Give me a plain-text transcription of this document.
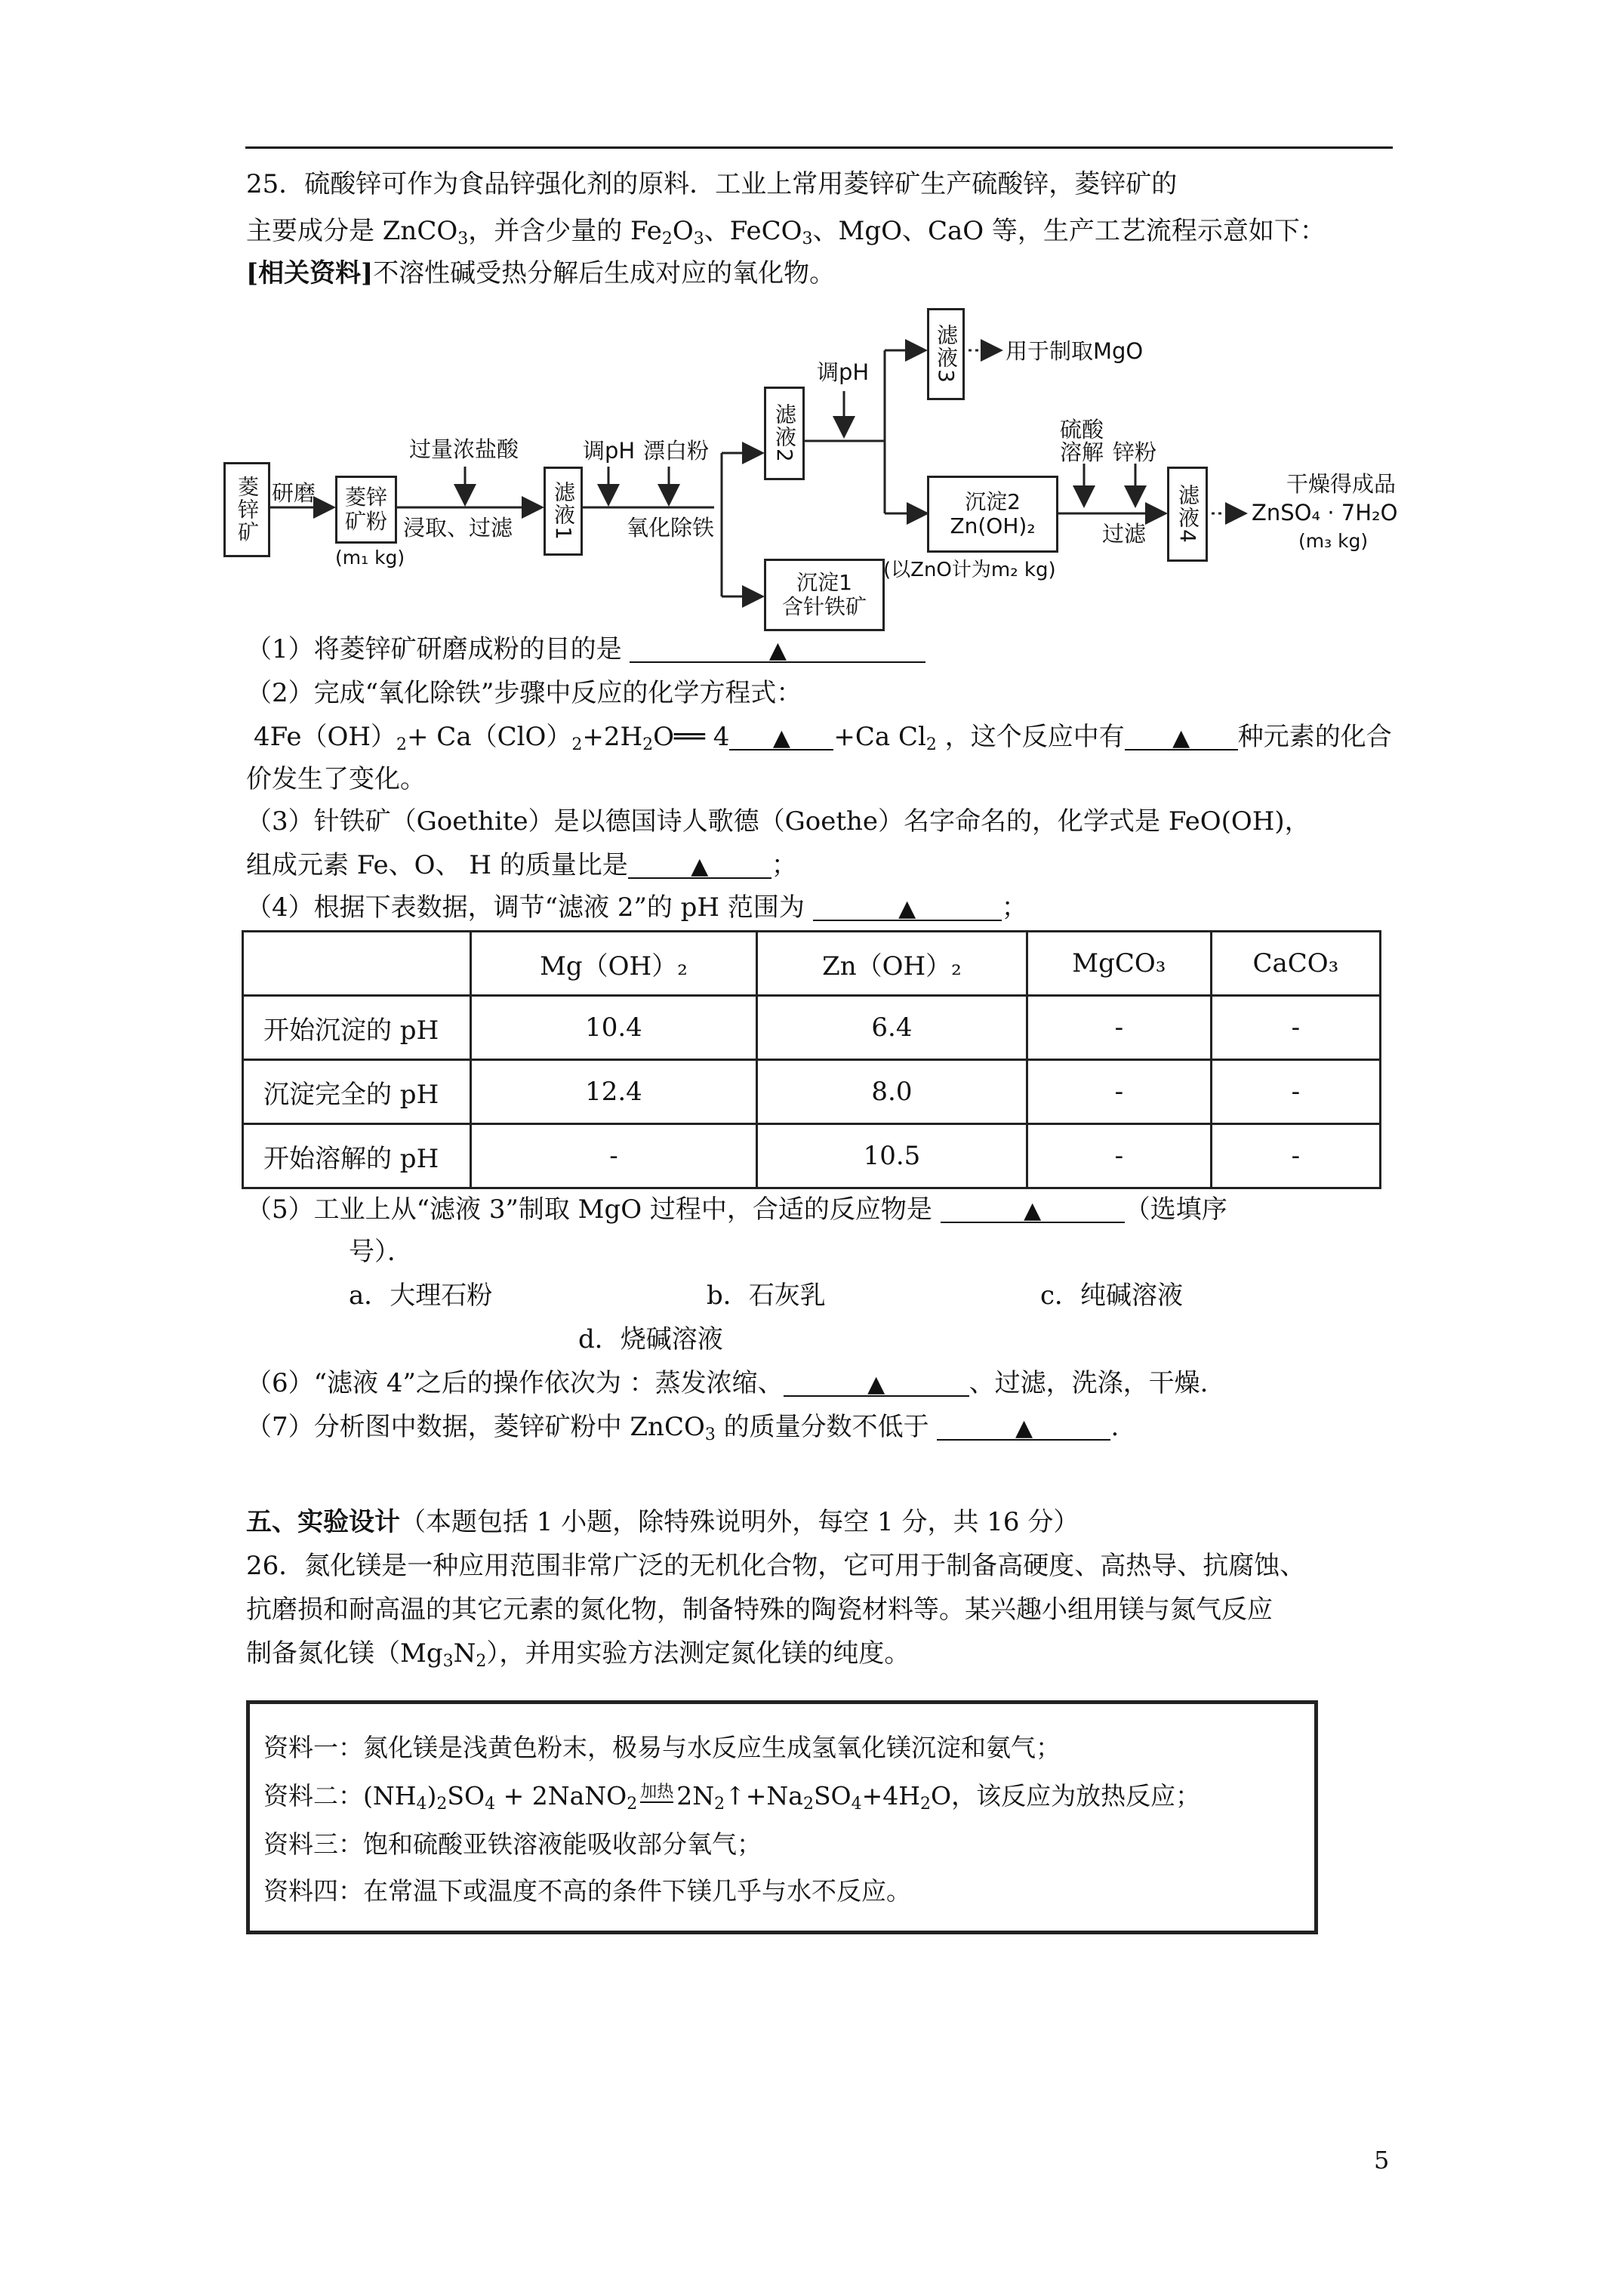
25．硫酸锌可作为食品锌强化剂的原料．工业上常用菱锌矿生产硫酸锌，菱锌矿的
主要成分是 ZnCO$_3$，并含少量的 $Fe_2O_3$、FeCO$_3$、MgO、CaO 等，生产工艺流程示意如下：
[相关资料]不溶性碱受热分解后生成对应的氧化物。
菱锌矿 研磨	菱锌矿粉
(m₁ kg)
过量浓盐酸
浸取、过滤 滤液1
调pH 漂白粉
氧化除铁
滤液2
调pH	滤液3 用于制取MgO
沉淀2
Zn(OH)₂
硫酸
溶解 锌粉
过滤 滤液4
干燥得成品
ZnSO₄ · 7H₂O
(m₃ kg)
沉淀1
含针铁矿
(以ZnO计为m₂ kg)
（1）将菱锌矿研磨成粉的目的是	▲
（2）完成“氧化除铁”步骤中反应的化学方程式：
$4Fe(OH)_2+$ $Ca(ClO)_2+2H_2O══$ 4 ▲ +Ca $Cl_2$ ，这个反应中有 ▲ 种元素的化合
价发生了变化。
（3）针铁矿（Goethite）是以德国诗人歌德（Goethe）名字命名的，化学式是 FeO(OH)，
组成元素 Fe、O、 H 的质量比是	▲ ；
（4）根据下表数据，调节“滤液 2”的 pH 范围为	▲	；
	Mg（OH）₂	Zn（OH）₂	MgCO₃	CaCO₃
开始沉淀的 pH	10.4	6.4	-	-
沉淀完全的 pH	12.4	8.0	-	-
开始溶解的 pH	-	10.5	-	-
（5）工业上从“滤液 3”制取 MgO 过程中，合适的反应物是	▲	（选填序
号）．
a．大理石粉	b．石灰乳	c．纯碱溶液
d．烧碱溶液
（6）“滤液 4”之后的操作依次为 ：蒸发浓缩、	▲	、过滤，洗涤，干燥.
（7）分析图中数据，菱锌矿粉中 ZnCO$_3$ 的质量分数不低于	▲	.
五、实验设计（本题包括 1 小题，除特殊说明外，每空 1 分，共 16 分）
26．氮化镁是一种应用范围非常广泛的无机化合物，它可用于制备高硬度、高热导、抗腐蚀、
抗磨损和耐高温的其它元素的氮化物，制备特殊的陶瓷材料等。某兴趣小组用镁与氮气反应
制备氮化镁$(Mg_3N_2)$，并用实验方法测定氮化镁的纯度。
资料一：氮化镁是浅黄色粉末，极易与水反应生成氢氧化镁沉淀和氨气；
资料二：$(NH_4)_2SO_4$ + 2NaNO$_2$加热 $2N_2↑+Na_2SO_4+4H_2O$，该反应为放热反应；
资料三：饱和硫酸亚铁溶液能吸收部分氧气；
资料四：在常温下或温度不高的条件下镁几乎与水不反应。
5
